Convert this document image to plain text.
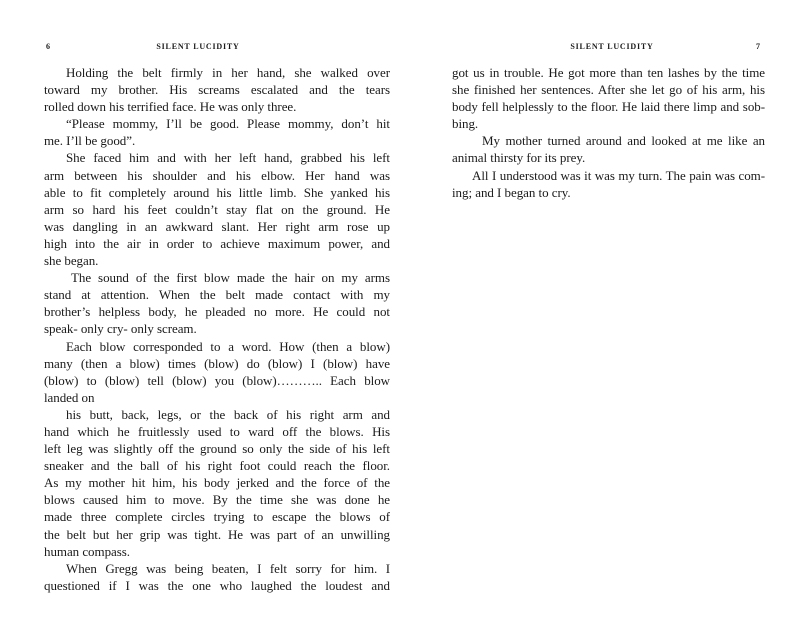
6	SILENT LUCIDITY	SILENT LUCIDITY	7
Holding the belt firmly in her hand, she walked over
toward my brother. His screams escalated and the tears
rolled down his terrified face. He was only three.
“Please mommy, I’ll be good. Please mommy, don’t hit
me. I’ll be good”.
She faced him and with her left hand, grabbed his left
arm between his shoulder and his elbow. Her hand was
able to fit completely around his little limb. She yanked his
arm so hard his feet couldn’t stay flat on the ground. He
was dangling in an awkward slant. Her right arm rose up
high into the air in order to achieve maximum power, and
she began.
The sound of the first blow made the hair on my arms
stand at attention. When the belt made contact with my
brother’s helpless body, he pleaded no more. He could not
speak- only cry- only scream.
Each blow corresponded to a word. How (then a blow)
many (then a blow) times (blow) do (blow) I (blow) have
(blow) to (blow) tell (blow) you (blow)……….. Each blow
landed on
his butt, back, legs, or the back of his right arm and
hand which he fruitlessly used to ward off the blows. His
left leg was slightly off the ground so only the side of his left
sneaker and the ball of his right foot could reach the floor.
As my mother hit him, his body jerked and the force of the
blows caused him to move. By the time she was done he
made three complete circles trying to escape the blows of
the belt but her grip was tight. He was part of an unwilling
human compass.
When Gregg was being beaten, I felt sorry for him. I
questioned if I was the one who laughed the loudest and
got us in trouble. He got more than ten lashes by the time
she finished her sentences. After she let go of his arm, his
body fell helplessly to the floor. He laid there limp and sob-
bing.
My mother turned around and looked at me like an
animal thirsty for its prey.
All I understood was it was my turn. The pain was com-
ing; and I began to cry.
